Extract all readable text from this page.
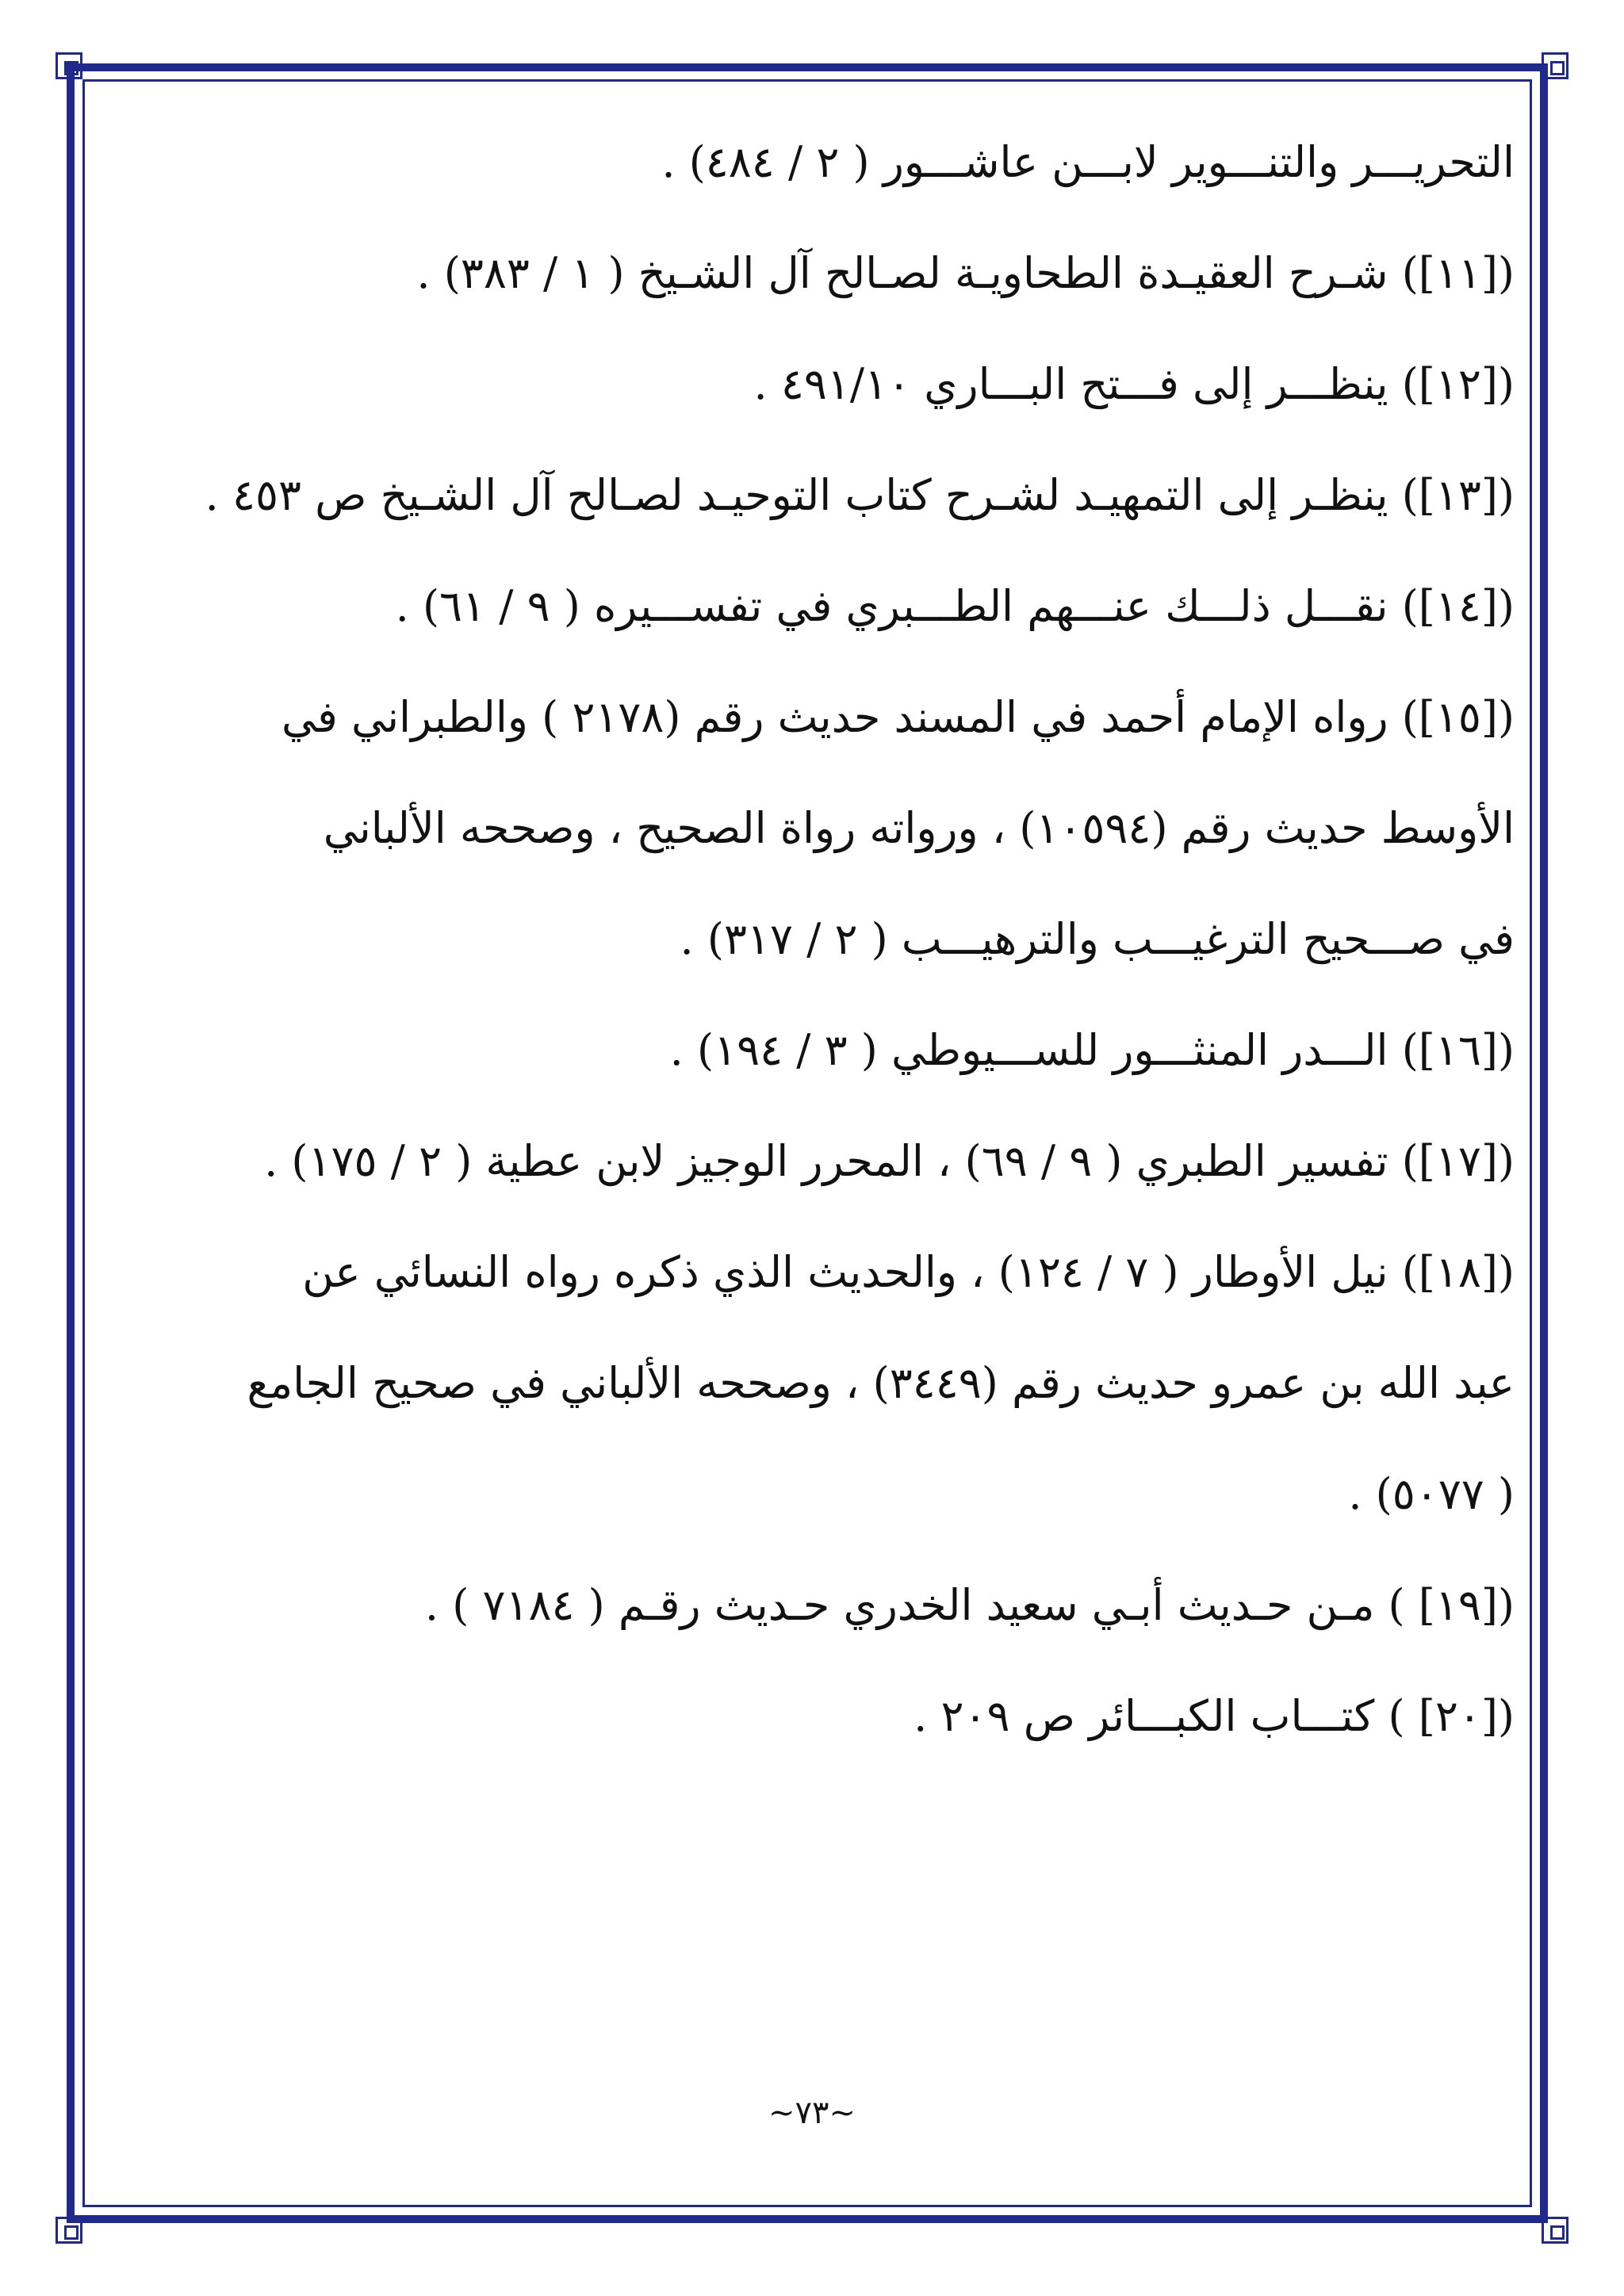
التحريـــر والتنـــوير لابـــن عاشـــور ( ٢ / ٤٨٤) .
([١١]) شـرح العقيـدة الطحاويـة لصـالح آل الشـيخ ( ١ / ٣٨٣) .
([١٢]) ينظـــر إلى فـــتح البـــاري ٤٩١/١٠ .
([١٣]) ينظـر إلى التمهيـد لشـرح كتاب التوحيـد لصـالح آل الشـيخ ص ٤٥٣ .
([١٤]) نقـــل ذلـــك عنـــهم الطـــبري في تفســـيره ( ٩ / ٦١) .
([١٥]) رواه الإمام أحمد في المسند حديث رقم (٢١٧٨ ) والطبراني في
الأوسط حديث رقم (١٠٥٩٤) ، ورواته رواة الصحيح ، وصححه الألباني
في صـــحيح الترغيـــب والترهيـــب ( ٢ / ٣١٧) .
([١٦]) الـــدر المنثـــور للســـيوطي ( ٣ / ١٩٤) .
([١٧]) تفسير الطبري ( ٩ / ٦٩) ، المحرر الوجيز لابن عطية ( ٢ / ١٧٥) .
([١٨]) نيل الأوطار ( ٧ / ١٢٤) ، والحديث الذي ذكره رواه النسائي عن
عبد الله بن عمرو حديث رقم (٣٤٤٩) ، وصححه الألباني في صحيح الجامع
( ٥٠٧٧) .
([١٩] ) مـن حـديث أبـي سعيد الخدري حـديث رقـم ( ٧١٨٤ ) .
([٢٠] ) كتـــاب الكبـــائر ص ٢٠٩ .
~٧٣~
